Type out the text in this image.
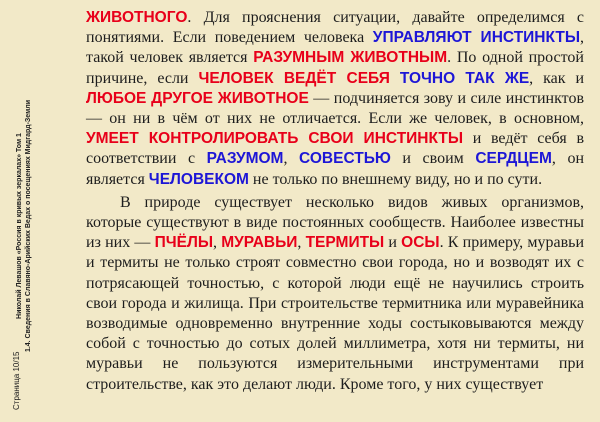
Николай Левашов «Россия в кривых зеркалах» Том 1 1.4. Сведения в Славяно-Арийских Ведах о посещениях Мидгард-Земли
Страница 10/15

ЖИВОТНОГО. Для прояснения ситуации, давайте определимся с понятиями. Если поведением человека УПРАВЛЯЮТ ИНСТИНКТЫ, такой человек является РАЗУМНЫМ ЖИВОТНЫМ. По одной простой причине, если ЧЕЛОВЕК ВЕДЁТ СЕБЯ ТОЧНО ТАК ЖЕ, как и ЛЮБОЕ ДРУГОЕ ЖИВОТНОЕ — подчиняется зову и силе инстинктов — он ни в чём от них не отличается. Если же человек, в основном, УМЕЕТ КОНТРОЛИРОВАТЬ СВОИ ИНСТИНКТЫ и ведёт себя в соответствии с РАЗУМОМ, СОВЕСТЬЮ и своим СЕРДЦЕМ, он является ЧЕЛОВЕКОМ не только по внешнему виду, но и по сути.

В природе существует несколько видов живых организмов, которые существуют в виде постоянных сообществ. Наиболее известны из них — ПЧЁЛЫ, МУРАВЬИ, ТЕРМИТЫ и ОСЫ. К примеру, муравьи и термиты не только строят совместно свои города, но и возводят их с потрясающей точностью, с которой люди ещё не научились строить свои города и жилища. При строительстве термитника или муравейника возводимые одновременно внутренние ходы состыковываются между собой с точностью до сотых долей миллиметра, хотя ни термиты, ни муравьи не пользуются измерительными инструментами при строительстве, как это делают люди. Кроме того, у них существует
